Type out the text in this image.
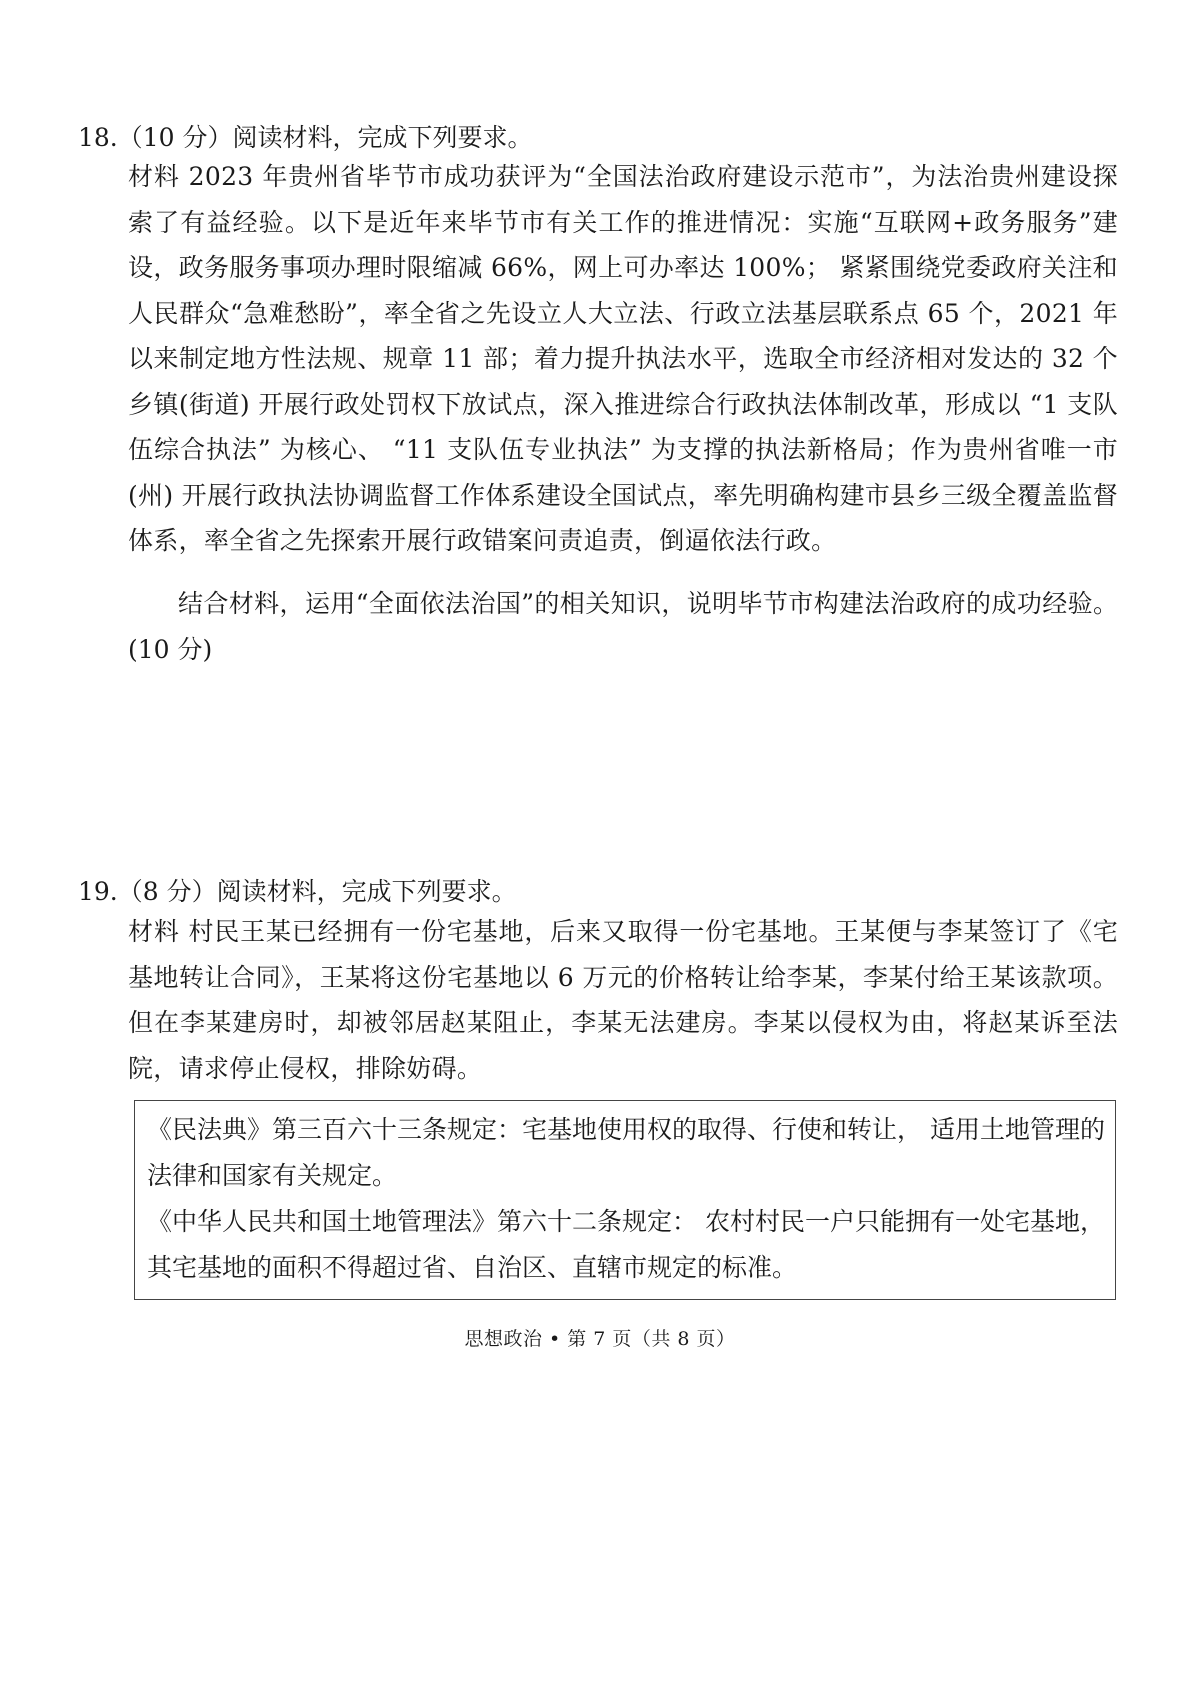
18.（10 分）阅读材料，完成下列要求。

材料 2023 年贵州省毕节市成功获评为“全国法治政府建设示范市”，为法治贵州建设探索了有益经验。以下是近年来毕节市有关工作的推进情况：实施“互联网+政务服务”建设，政务服务事项办理时限缩减 66%，网上可办率达 100%； 紧紧围绕党委政府关注和人民群众“急难愁盼”，率全省之先设立人大立法、行政立法基层联系点 65 个，2021 年以来制定地方性法规、规章 11 部；着力提升执法水平，选取全市经济相对发达的 32 个乡镇(街道) 开展行政处罚权下放试点，深入推进综合行政执法体制改革，形成以 “1 支队伍综合执法” 为核心、 “11 支队伍专业执法” 为支撑的执法新格局；作为贵州省唯一市(州) 开展行政执法协调监督工作体系建设全国试点，率先明确构建市县乡三级全覆盖监督体系，率全省之先探索开展行政错案问责追责，倒逼依法行政。

结合材料，运用“全面依法治国”的相关知识，说明毕节市构建法治政府的成功经验。(10 分)

19.（8 分）阅读材料，完成下列要求。

材料 村民王某已经拥有一份宅基地，后来又取得一份宅基地。王某便与李某签订了《宅基地转让合同》，王某将这份宅基地以 6 万元的价格转让给李某，李某付给王某该款项。但在李某建房时，却被邻居赵某阻止，李某无法建房。李某以侵权为由，将赵某诉至法院，请求停止侵权，排除妨碍。

《民法典》第三百六十三条规定：宅基地使用权的取得、行使和转让， 适用土地管理的法律和国家有关规定。

《中华人民共和国土地管理法》第六十二条规定： 农村村民一户只能拥有一处宅基地， 其宅基地的面积不得超过省、自治区、直辖市规定的标准。

思想政治 • 第 7 页（共 8 页）
